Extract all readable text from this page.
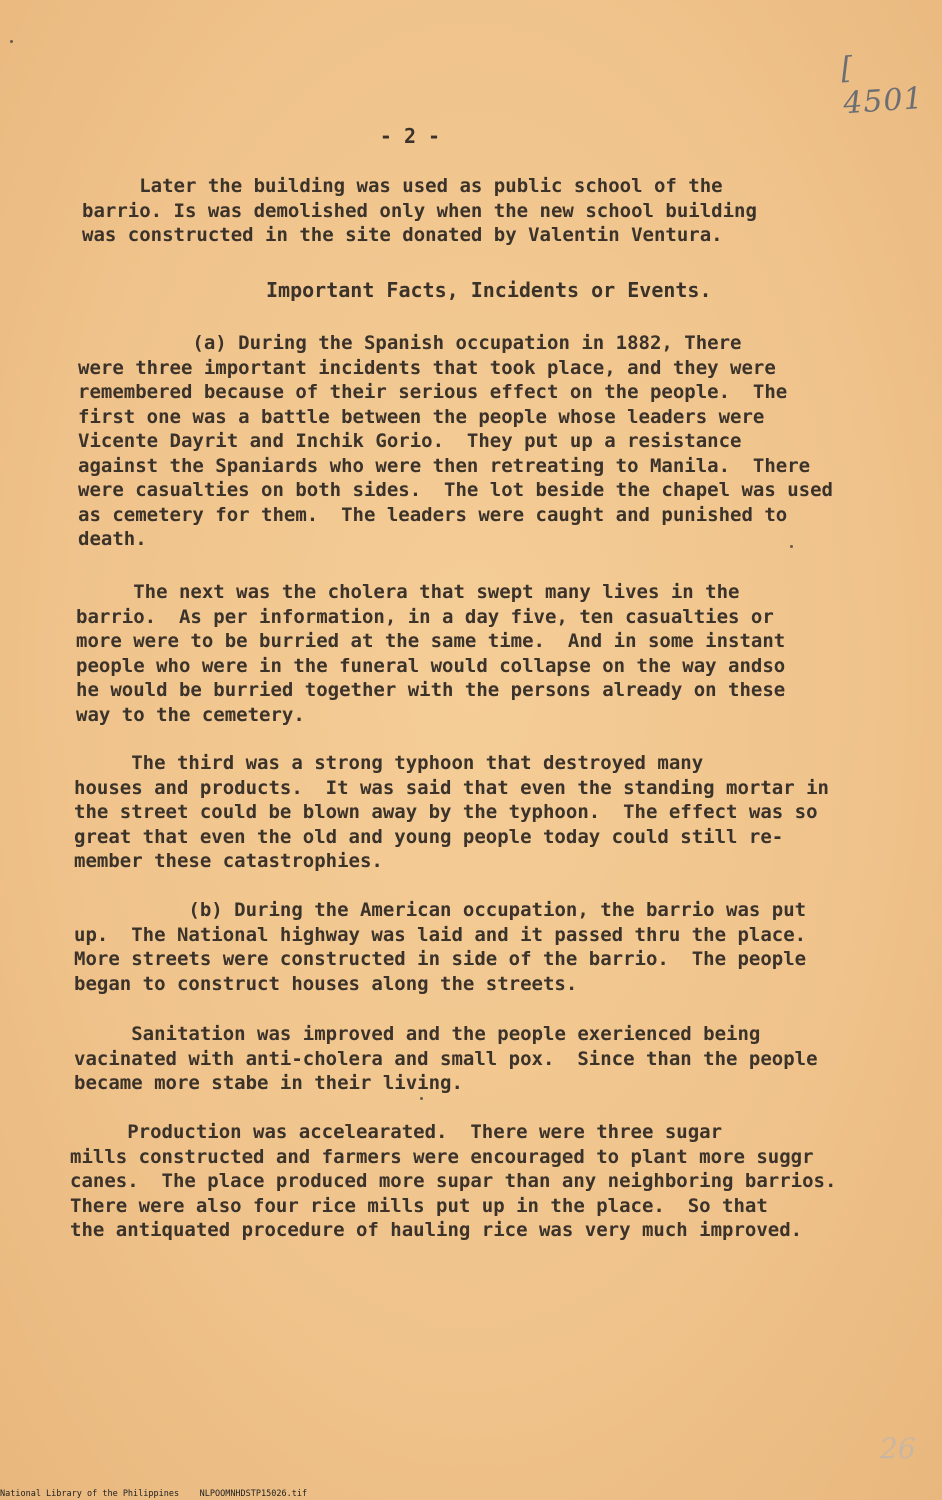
[ 4501
- 2 -

Later the building was used as public school of the
barrio. Is was demolished only when the new school building
was constructed in the site donated by Valentin Ventura.

Important Facts, Incidents or Events.

(a) During the Spanish occupation in 1882, There
were three important incidents that took place, and they were
remembered because of their serious effect on the people.  The
first one was a battle between the people whose leaders were
Vicente Dayrit and Inchik Gorio.  They put up a resistance
against the Spaniards who were then retreating to Manila.  There
were casualties on both sides.  The lot beside the chapel was used
as cemetery for them.  The leaders were caught and punished to
death.

The next was the cholera that swept many lives in the
barrio.  As per information, in a day five, ten casualties or
more were to be burried at the same time.  And in some instant
people who were in the funeral would collapse on the way andso
he would be burried together with the persons already on these
way to the cemetery.

The third was a strong typhoon that destroyed many
houses and products.  It was said that even the standing mortar in
the street could be blown away by the typhoon.  The effect was so
great that even the old and young people today could still re-
member these catastrophies.

(b) During the American occupation, the barrio was put
up.  The National highway was laid and it passed thru the place.
More streets were constructed in side of the barrio.  The people
began to construct houses along the streets.

Sanitation was improved and the people exerienced being
vacinated with anti-cholera and small pox.  Since than the people
became more stabe in their living.

Production was accelearated.  There were three sugar
mills constructed and farmers were encouraged to plant more suggr
canes.  The place produced more supar than any neighboring barrios.
There were also four rice mills put up in the place.  So that
the antiquated procedure of hauling rice was very much improved.

26
National Library of the Philippines NLPOOMNHDSTP15026.tif
